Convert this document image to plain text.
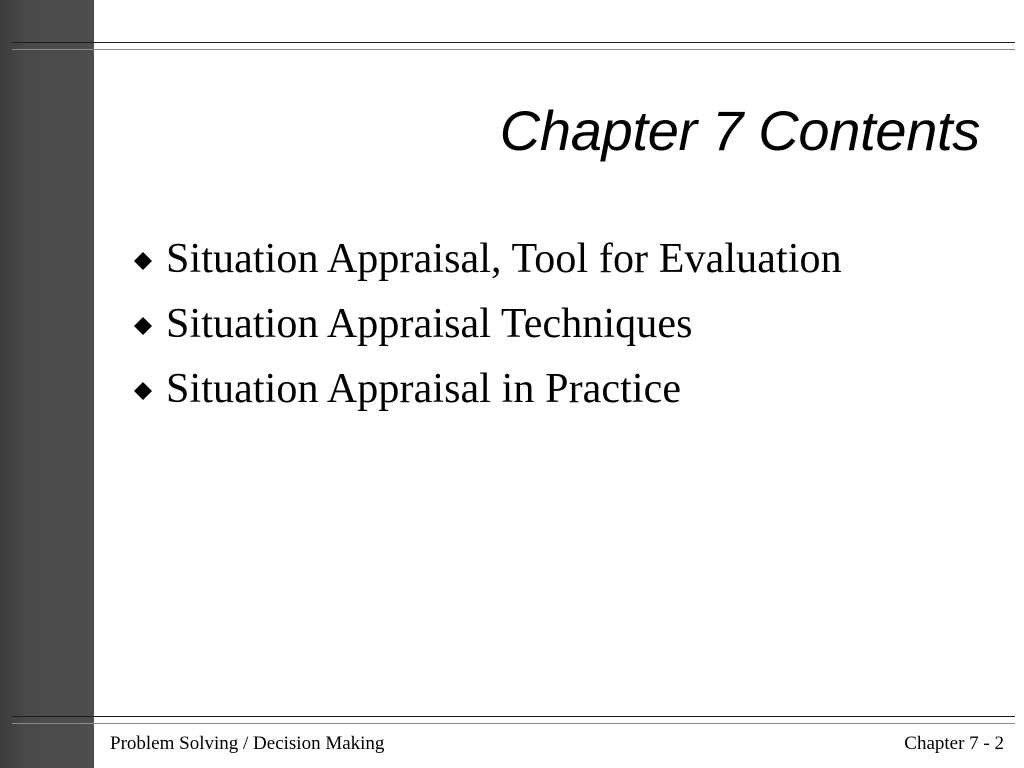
Chapter 7 Contents
Situation Appraisal, Tool for Evaluation
Situation Appraisal Techniques
Situation Appraisal in Practice
Problem Solving / Decision Making	Chapter 7 - 2
